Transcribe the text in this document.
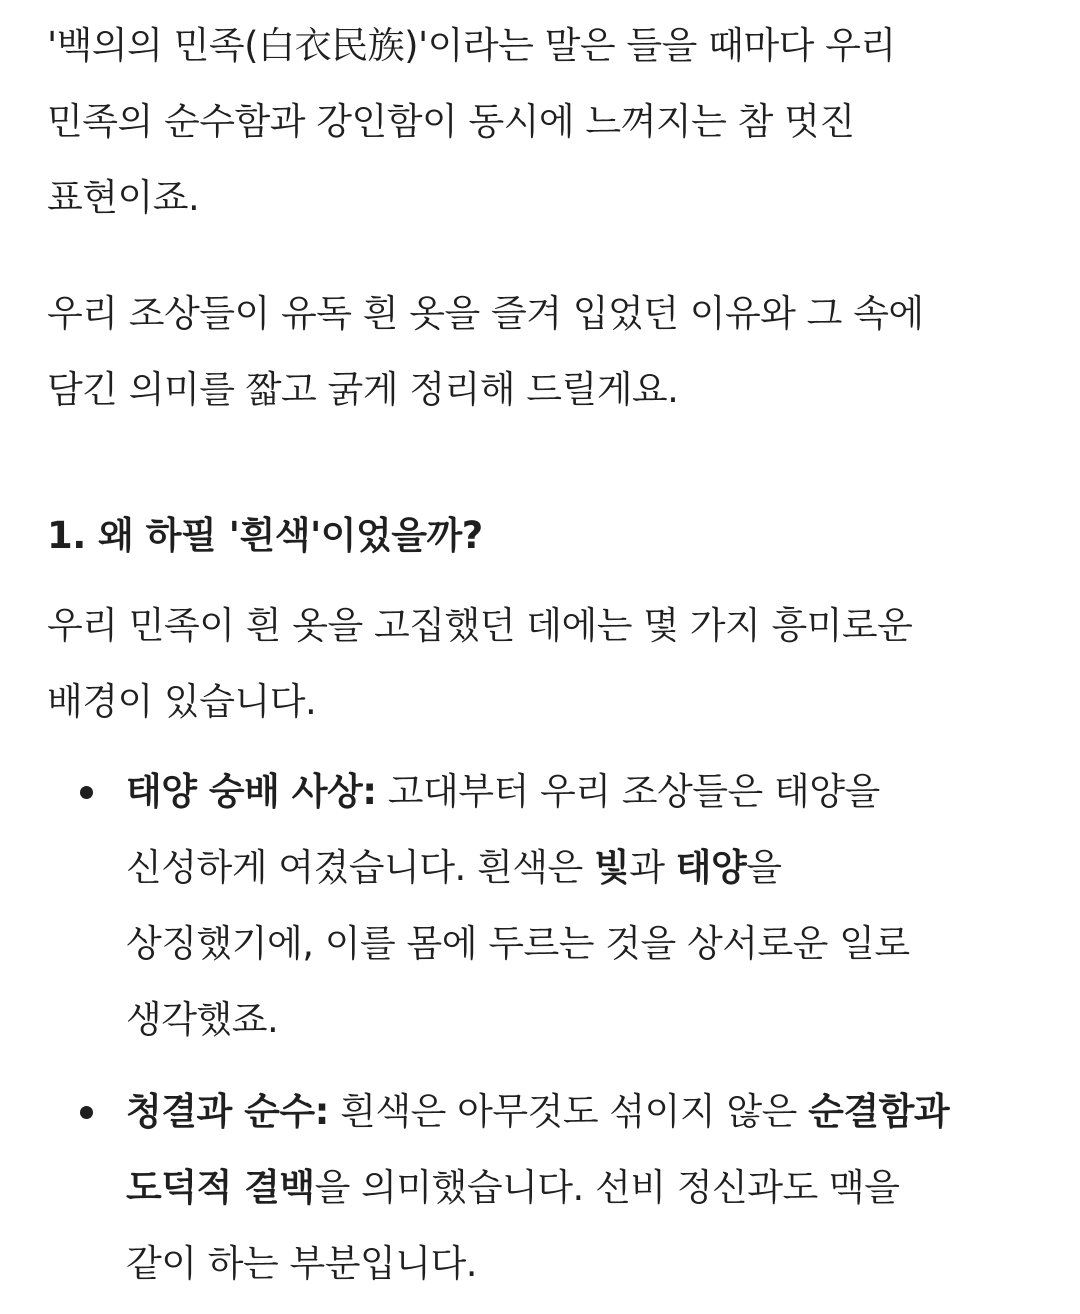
'백의의 민족(白衣民族)'이라는 말은 들을 때마다 우리
민족의 순수함과 강인함이 동시에 느껴지는 참 멋진
표현이죠.
우리 조상들이 유독 흰 옷을 즐겨 입었던 이유와 그 속에
담긴 의미를 짧고 굵게 정리해 드릴게요.
1. 왜 하필 '흰색'이었을까?
우리 민족이 흰 옷을 고집했던 데에는 몇 가지 흥미로운
배경이 있습니다.
태양 숭배 사상: 고대부터 우리 조상들은 태양을
신성하게 여겼습니다. 흰색은 빛과 태양을
상징했기에, 이를 몸에 두르는 것을 상서로운 일로
생각했죠.
청결과 순수: 흰색은 아무것도 섞이지 않은 순결함과
도덕적 결백을 의미했습니다. 선비 정신과도 맥을
같이 하는 부분입니다.
